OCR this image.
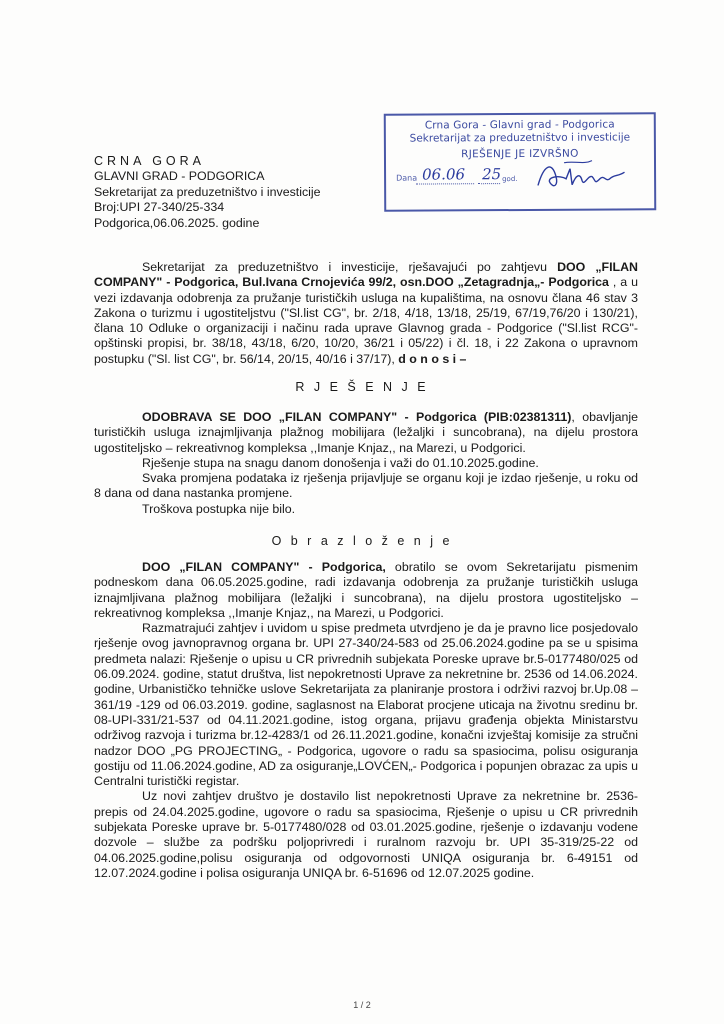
Crna Gora - Glavni grad - Podgorica
Sekretarijat za preduzetništvo i investicije
RJEŠENJE JE IZVRŠNO
Dana 06.06 25 god.
CRNA GORA
GLAVNI GRAD - PODGORICA
Sekretarijat za preduzetništvo i investicije
Broj:UPI 27-340/25-334
Podgorica,06.06.2025. godine

Sekretarijat za preduzetništvo i investicije, rješavajući po zahtjevu DOO „FILAN COMPANY" - Podgorica, Bul.Ivana Crnojevića 99/2, osn.DOO „Zetagradnja„- Podgorica , a u vezi izdavanja odobrenja za pružanje turističkih usluga na kupalištima, na osnovu člana 46 stav 3 Zakona o turizmu i ugostiteljstvu ("Sl.list CG", br. 2/18, 4/18, 13/18, 25/19, 67/19,76/20 i 130/21), člana 10 Odluke o organizaciji i načinu rada uprave Glavnog grada - Podgorice ("Sl.list RCG"- opštinski propisi, br. 38/18, 43/18, 6/20, 10/20, 36/21 i 05/22) i čl. 18, i 22 Zakona o upravnom postupku ("Sl. list CG", br. 56/14, 20/15, 40/16 i 37/17), d o n o s i –

R J E Š E N J E

ODOBRAVA SE DOO „FILAN COMPANY" - Podgorica (PIB:02381311), obavljanje turističkih usluga iznajmljivanja plažnog mobilijara (ležaljki i suncobrana), na dijelu prostora ugostiteljsko – rekreativnog kompleksa ,,Imanje Knjaz,, na Marezi, u Podgorici.

Rješenje stupa na snagu danom donošenja i važi do 01.10.2025.godine.

Svaka promjena podataka iz rješenja prijavljuje se organu koji je izdao rješenje, u roku od 8 dana od dana nastanka promjene.

Troškova postupka nije bilo.

O b r a z l o ž e n j e

DOO „FILAN COMPANY" - Podgorica, obratilo se ovom Sekretarijatu pismenim podneskom dana 06.05.2025.godine, radi izdavanja odobrenja za pružanje turističkih usluga iznajmljivana plažnog mobilijara (ležaljki i suncobrana), na dijelu prostora ugostiteljsko – rekreativnog kompleksa ,,Imanje Knjaz,, na Marezi, u Podgorici.

Razmatrajući zahtjev i uvidom u spise predmeta utvrdjeno je da je pravno lice posjedovalo rješenje ovog javnopravnog organa br. UPI 27-340/24-583 od 25.06.2024.godine pa se u spisima predmeta nalazi: Rješenje o upisu u CR privrednih subjekata Poreske uprave br.5-0177480/025 od 06.09.2024. godine, statut društva, list nepokretnosti Uprave za nekretnine br. 2536 od 14.06.2024. godine, Urbanističko tehničke uslove Sekretarijata za planiranje prostora i održivi razvoj br.Up.08 – 361/19 -129 od 06.03.2019. godine, saglasnost na Elaborat procjene uticaja na životnu sredinu br. 08-UPI-331/21-537 od 04.11.2021.godine, istog organa, prijavu građenja objekta Ministarstvu održivog razvoja i turizma br.12-4283/1 od 26.11.2021.godine, konačni izvještaj komisije za stručni nadzor DOO „PG PROJECTING„ - Podgorica, ugovore o radu sa spasiocima, polisu osiguranja gostiju od 11.06.2024.godine, AD za osiguranje„LOVĆEN„- Podgorica i popunjen obrazac za upis u Centralni turistički registar.

Uz novi zahtjev društvo je dostavilo list nepokretnosti Uprave za nekretnine br. 2536-prepis od 24.04.2025.godine, ugovore o radu sa spasiocima, Rješenje o upisu u CR privrednih subjekata Poreske uprave br. 5-0177480/028 od 03.01.2025.godine, rješenje o izdavanju vodene dozvole – službe za podršku poljoprivredi i ruralnom razvoju br. UPI 35-319/25-22 od 04.06.2025.godine,polisu osiguranja od odgovornosti UNIQA osiguranja br. 6-49151 od 12.07.2024.godine i polisa osiguranja UNIQA br. 6-51696 od 12.07.2025 godine.

1 / 2
